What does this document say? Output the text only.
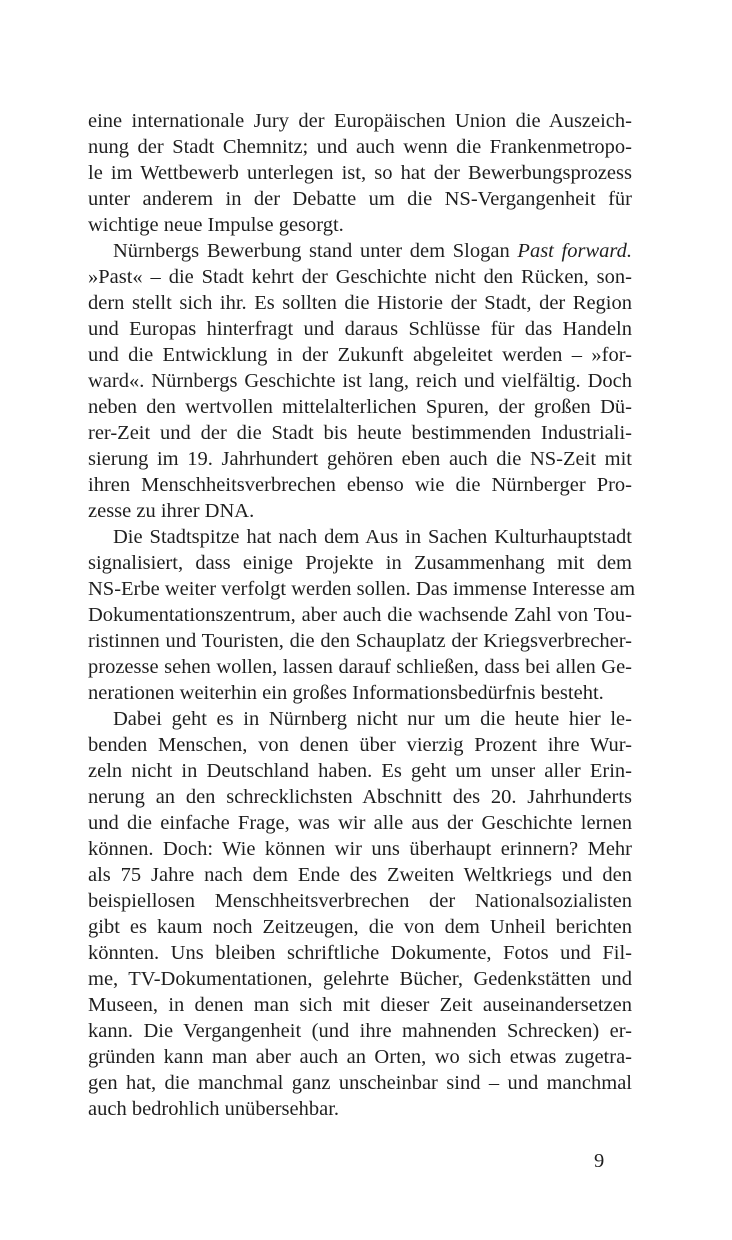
eine internationale Jury der Europäischen Union die Auszeich-
nung der Stadt Chemnitz; und auch wenn die Frankenmetropo-
le im Wettbewerb unterlegen ist, so hat der Bewerbungsprozess
unter anderem in der Debatte um die NS-Vergangenheit für
wichtige neue Impulse gesorgt.
Nürnbergs Bewerbung stand unter dem Slogan Past forward.
»Past« – die Stadt kehrt der Geschichte nicht den Rücken, son-
dern stellt sich ihr. Es sollten die Historie der Stadt, der Region
und Europas hinterfragt und daraus Schlüsse für das Handeln
und die Entwicklung in der Zukunft abgeleitet werden – »for-
ward«. Nürnbergs Geschichte ist lang, reich und vielfältig. Doch
neben den wertvollen mittelalterlichen Spuren, der großen Dü-
rer-Zeit und der die Stadt bis heute bestimmenden Industriali-
sierung im 19. Jahrhundert gehören eben auch die NS-Zeit mit
ihren Menschheitsverbrechen ebenso wie die Nürnberger Pro-
zesse zu ihrer DNA.
Die Stadtspitze hat nach dem Aus in Sachen Kulturhauptstadt
signalisiert, dass einige Projekte in Zusammenhang mit dem
NS-Erbe weiter verfolgt werden sollen. Das immense Interesse am
Dokumentationszentrum, aber auch die wachsende Zahl von Tou-
ristinnen und Touristen, die den Schauplatz der Kriegsverbrecher-
prozesse sehen wollen, lassen darauf schließen, dass bei allen Ge-
nerationen weiterhin ein großes Informationsbedürfnis besteht.
Dabei geht es in Nürnberg nicht nur um die heute hier le-
benden Menschen, von denen über vierzig Prozent ihre Wur-
zeln nicht in Deutschland haben. Es geht um unser aller Erin-
nerung an den schrecklichsten Abschnitt des 20. Jahrhunderts
und die einfache Frage, was wir alle aus der Geschichte lernen
können. Doch: Wie können wir uns überhaupt erinnern? Mehr
als 75 Jahre nach dem Ende des Zweiten Weltkriegs und den
beispiellosen Menschheitsverbrechen der Nationalsozialisten
gibt es kaum noch Zeitzeugen, die von dem Unheil berichten
könnten. Uns bleiben schriftliche Dokumente, Fotos und Fil-
me, TV-Dokumentationen, gelehrte Bücher, Gedenkstätten und
Museen, in denen man sich mit dieser Zeit auseinandersetzen
kann. Die Vergangenheit (und ihre mahnenden Schrecken) er-
gründen kann man aber auch an Orten, wo sich etwas zugetra-
gen hat, die manchmal ganz unscheinbar sind – und manchmal
auch bedrohlich unübersehbar.
9
